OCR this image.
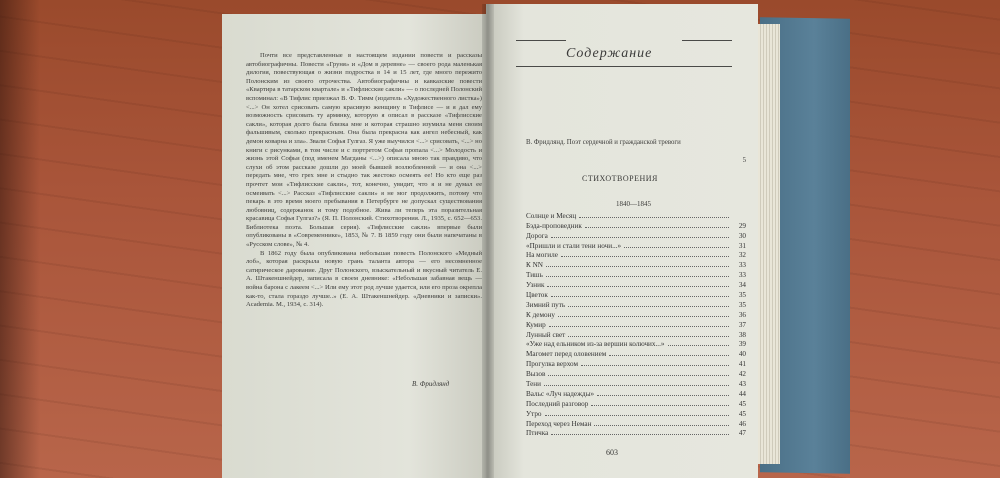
Почти все представленные в настоящем издании повести и рассказы автобиографичны. Повести «Груня» и «Дом в деревне» — своего рода маленькая дилогия, повествующая о жизни подростка в 14 и 15 лет, где много пережито Полонским из своего отрочества. Автобиографичны и кавказские повести «Квартира в татарском квартале» и «Тифлисские сакли» — о последней Полонский вспоминал: «В Тифлис приезжал В. Ф. Тимм (издатель «Художественного листка») <...> Он хотел срисовать самую красивую женщину в Тифлисе — и я дал ему возможность срисовать ту армянку, которую я описал в рассказе «Тифлисские сакли», которая долго была близка мне и которая страшно изумила меня своим фальшивым, сколько прекрасным. Она была прекрасна как ангел небесный, как демон коварна и зла». Звали Софья Гулгаз. Я уже выучился <...> срисовать, <...> но книги с рисунками, в том числе и с портретом Софьи пропала <...> Молодость и жизнь этой Софьи (под именем Магданы <...>) описала мною так правдиво, что слухи об этом рассказе дошли до моей бывшей возлюбленной — и она <...> передать мне, что грех мне и стыдно так жестоко осмеять ее! Но кто еще раз прочтет мои «Тифлисские сакли», тот, конечно, увидит, что я и не думал ее осмеивать <...> Рассказ «Тифлисские сакли» я не мог продолжить, потому что пекарь в это время моего пребывания в Петербурге не допускал существования любовниц, содержанок и тому подобное. Жива ли теперь эта поразительная красавица Софья Гулгаз?» (Я. П. Полонский. Стихотворения. Л., 1935, с. 652—653. Библиотека поэта. Большая серия). «Тифлисские сакли» впервые были опубликованы в «Современнике», 1853, № 7. В 1859 году они были напечатаны в «Русском слове», № 4.

В 1862 году была опубликована небольшая повесть Полонского «Медный лоб», которая раскрыла новую грань таланта автора — его несомненное сатирическое дарование. Друг Полонского, взыскательный и вкусный читатель Е. А. Штакеншнейдер, записала в своем дневнике: «Небольшая забавная вещь — война барона с лакеем <...> Или ему этот род лучше удается, или его проза окрепла как-то, стала гораздо лучше..» (Е. А. Штакеншнейдер. «Дневники и записки». Academia. М., 1934, с. 314).

В. Фридлянд
Содержание
В. Фридлянд. Поэт сердечной и гражданской тревоги
5
СТИХОТВОРЕНИЯ
1840—1845
Солнце и Месяц
Бэда-проповедник	29
Дорога	30
«Пришли и стали тени ночи...»	31
На могиле	32
К NN	33
Тишь	33
Узник	34
Цветок	35
Зимний путь	35
К демону	36
Кумир	37
Лунный свет	38
«Уже над ельником из-за вершин колючих...»	39
Магомет перед оловением	40
Прогулка верхом	41
Вызов	42
Тени	43
Вальс «Луч надежды»	44
Последний разговор	45
Утро	45
Переход через Неман	46
Птичка	47
603
